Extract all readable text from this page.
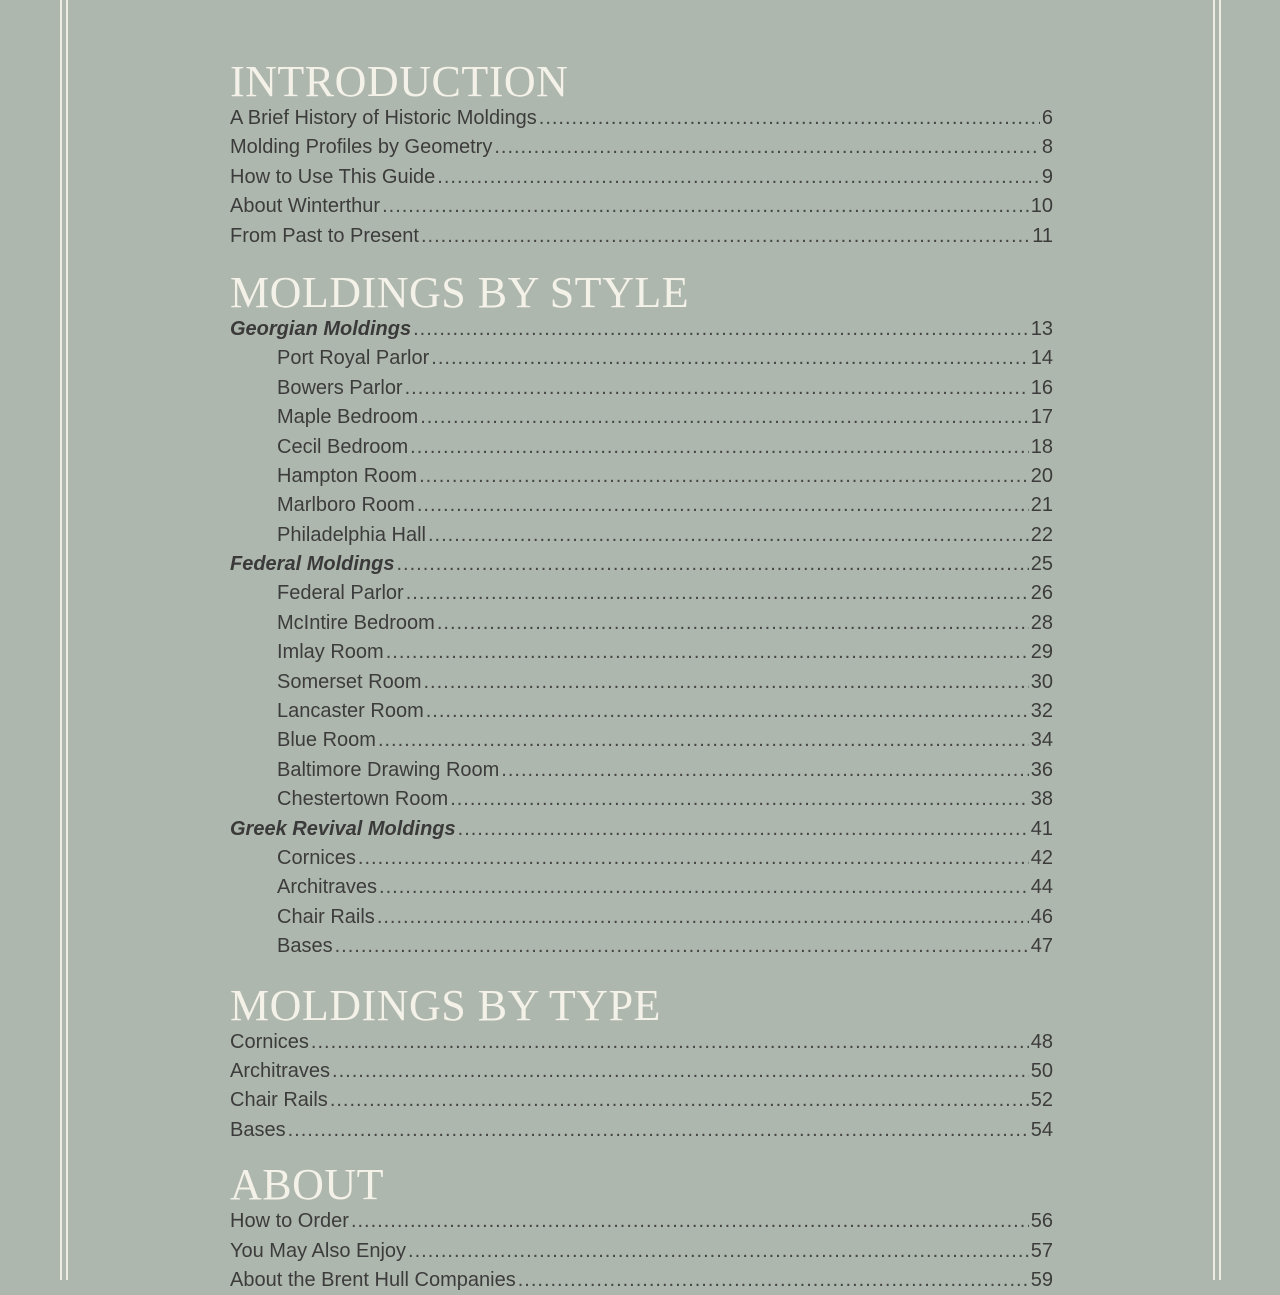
INTRODUCTION
A Brief History of Historic Moldings .....	6
Molding Profiles by Geometry .....	8
How to Use This Guide .....	9
About Winterthur .....	10
From Past to Present .....	11
MOLDINGS BY STYLE
Georgian Moldings .....	13
Port Royal Parlor .....	14
Bowers Parlor .....	16
Maple Bedroom .....	17
Cecil Bedroom .....	18
Hampton Room .....	20
Marlboro Room .....	21
Philadelphia Hall .....	22
Federal Moldings .....	25
Federal Parlor .....	26
McIntire Bedroom .....	28
Imlay Room .....	29
Somerset Room .....	30
Lancaster Room .....	32
Blue Room .....	34
Baltimore Drawing Room .....	36
Chestertown Room .....	38
Greek Revival Moldings .....	41
Cornices .....	42
Architraves .....	44
Chair Rails .....	46
Bases .....	47
MOLDINGS BY TYPE
Cornices .....	48
Architraves .....	50
Chair Rails .....	52
Bases .....	54
ABOUT
How to Order .....	56
You May Also Enjoy .....	57
About the Brent Hull Companies .....	59
